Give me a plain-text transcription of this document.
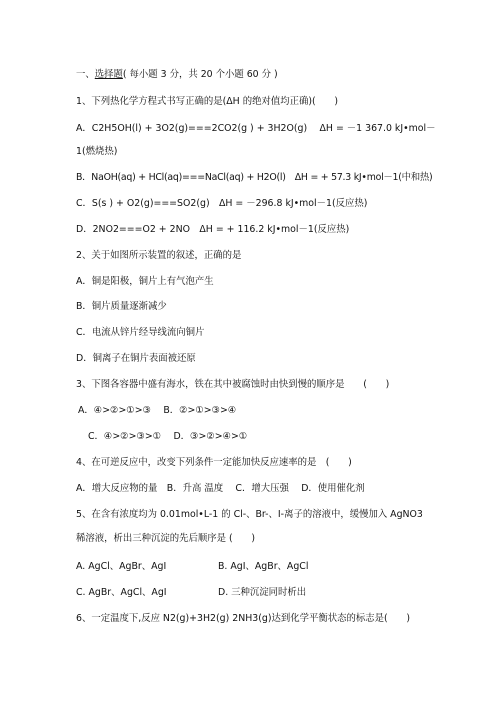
一、选择题( 每小题 3 分，共 20 个小题 60 分 )
1、下列热化学方程式书写正确的是(ΔH 的绝对值均正确)(　　)
A．C2H5OH(l) + 3O2(g)===2CO2(g ) + 3H2O(g)　 ΔH = －1 367.0 kJ•mol－
1(燃烧热)
B．NaOH(aq) + HCl(aq)===NaCl(aq) + H2O(l)　ΔH = + 57.3 kJ•mol－1(中和热)
C．S(s ) + O2(g)===SO2(g)　ΔH = －296.8 kJ•mol－1(反应热)
D．2NO2===O2 + 2NO　ΔH = + 116.2 kJ•mol－1(反应热)
2、关于如图所示装置的叙述，正确的是
A．铜是阳极，铜片上有气泡产生
B．铜片质量逐渐减少
C．电流从锌片经导线流向铜片
D．铜离子在铜片表面被还原
3、下图各容器中盛有海水，铁在其中被腐蚀时由快到慢的顺序是　　(　　)
A．④>②>①>③　 B．②>①>③>④
C．④>②>③>①　 D．③>②>④>①
4、在可逆反应中，改变下列条件一定能加快反应速率的是　(　　)
A．增大反应物的量　B．升高 温度　 C．增大压强　 D．使用催化剂
5、在含有浓度均为 0.01mol•L-1 的 Cl-、Br-、I-离子的溶液中，缓慢加入 AgNO3
稀溶液，析出三种沉淀的先后顺序是 (　　)
A. AgCl、AgBr、AgI	B. AgI、AgBr、AgCl
C. AgBr、AgCl、AgI	D. 三种沉淀同时析出
6、一定温度下,反应 N2(g)+3H2(g) 2NH3(g)达到化学平衡状态的标志是(　　)
